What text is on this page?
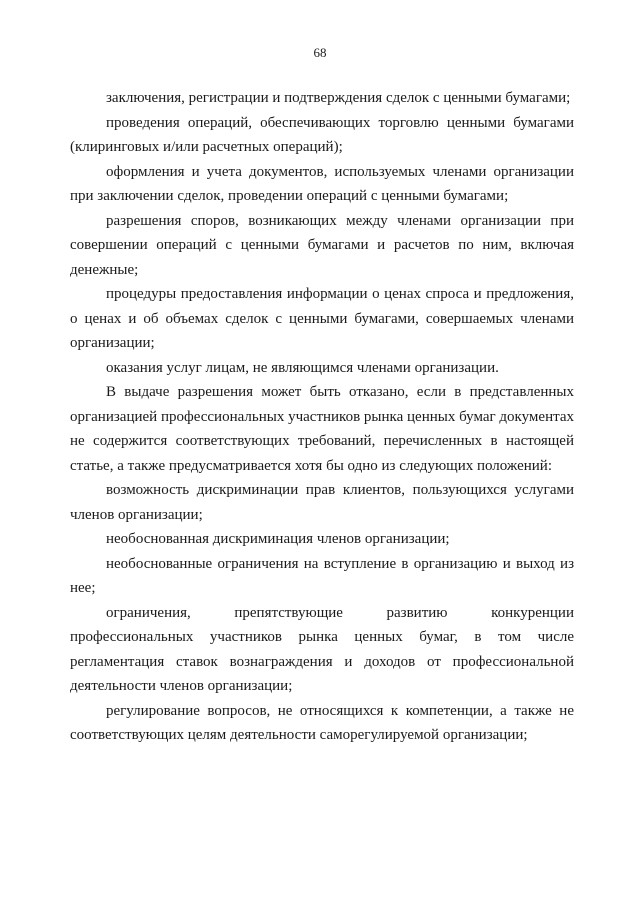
68

заключения, регистрации и подтверждения сделок с ценными бумагами;

проведения операций, обеспечивающих торговлю ценными бумагами (клиринговых и/или расчетных операций);

оформления и учета документов, используемых членами организации при заключении сделок, проведении операций с ценными бумагами;

разрешения споров, возникающих между членами организации при совершении операций с ценными бумагами и расчетов по ним, включая денежные;

процедуры предоставления информации о ценах спроса и предложения, о ценах и об объемах сделок с ценными бумагами, совершаемых членами организации;

оказания услуг лицам, не являющимся членами организации.

В выдаче разрешения может быть отказано, если в представленных организацией профессиональных участников рынка ценных бумаг документах не содержится соответствующих требований, перечисленных в настоящей статье, а также предусматривается хотя бы одно из следующих положений:

возможность дискриминации прав клиентов, пользующихся услугами членов организации;

необоснованная дискриминация членов организации;

необоснованные ограничения на вступление в организацию и выход из нее;

ограничения, препятствующие развитию конкуренции профессиональных участников рынка ценных бумаг, в том числе регламентация ставок вознаграждения и доходов от профессиональной деятельности членов организации;

регулирование вопросов, не относящихся к компетенции, а также не соответствующих целям деятельности саморегулируемой организации;
